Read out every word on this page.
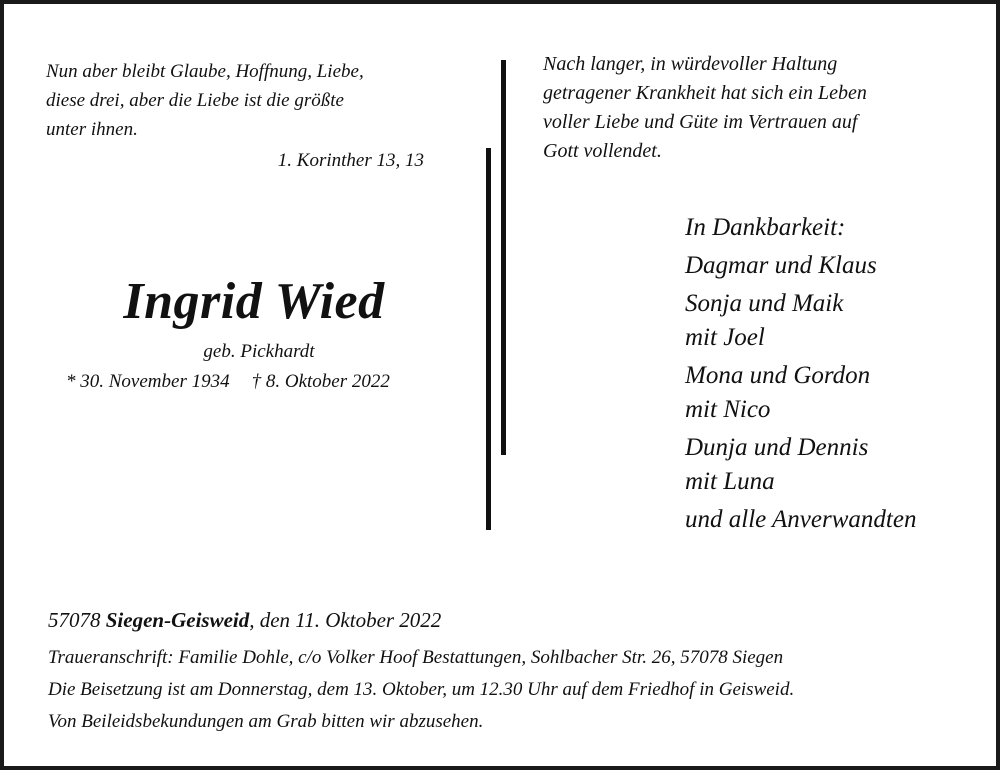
Nun aber bleibt Glaube, Hoffnung, Liebe,
diese drei, aber die Liebe ist die größte
unter ihnen.
1. Korinther 13, 13
Ingrid Wied
geb. Pickhardt
* 30. November 1934 † 8. Oktober 2022
Nach langer, in würdevoller Haltung
getragener Krankheit hat sich ein Leben
voller Liebe und Güte im Vertrauen auf
Gott vollendet.
In Dankbarkeit:
Dagmar und Klaus
Sonja und Maik
mit Joel
Mona und Gordon
mit Nico
Dunja und Dennis
mit Luna
und alle Anverwandten
57078 Siegen-Geisweid, den 11. Oktober 2022
Traueranschrift: Familie Dohle, c/o Volker Hoof Bestattungen, Sohlbacher Str. 26, 57078 Siegen
Die Beisetzung ist am Donnerstag, dem 13. Oktober, um 12.30 Uhr auf dem Friedhof in Geisweid.
Von Beileidsbekundungen am Grab bitten wir abzusehen.
